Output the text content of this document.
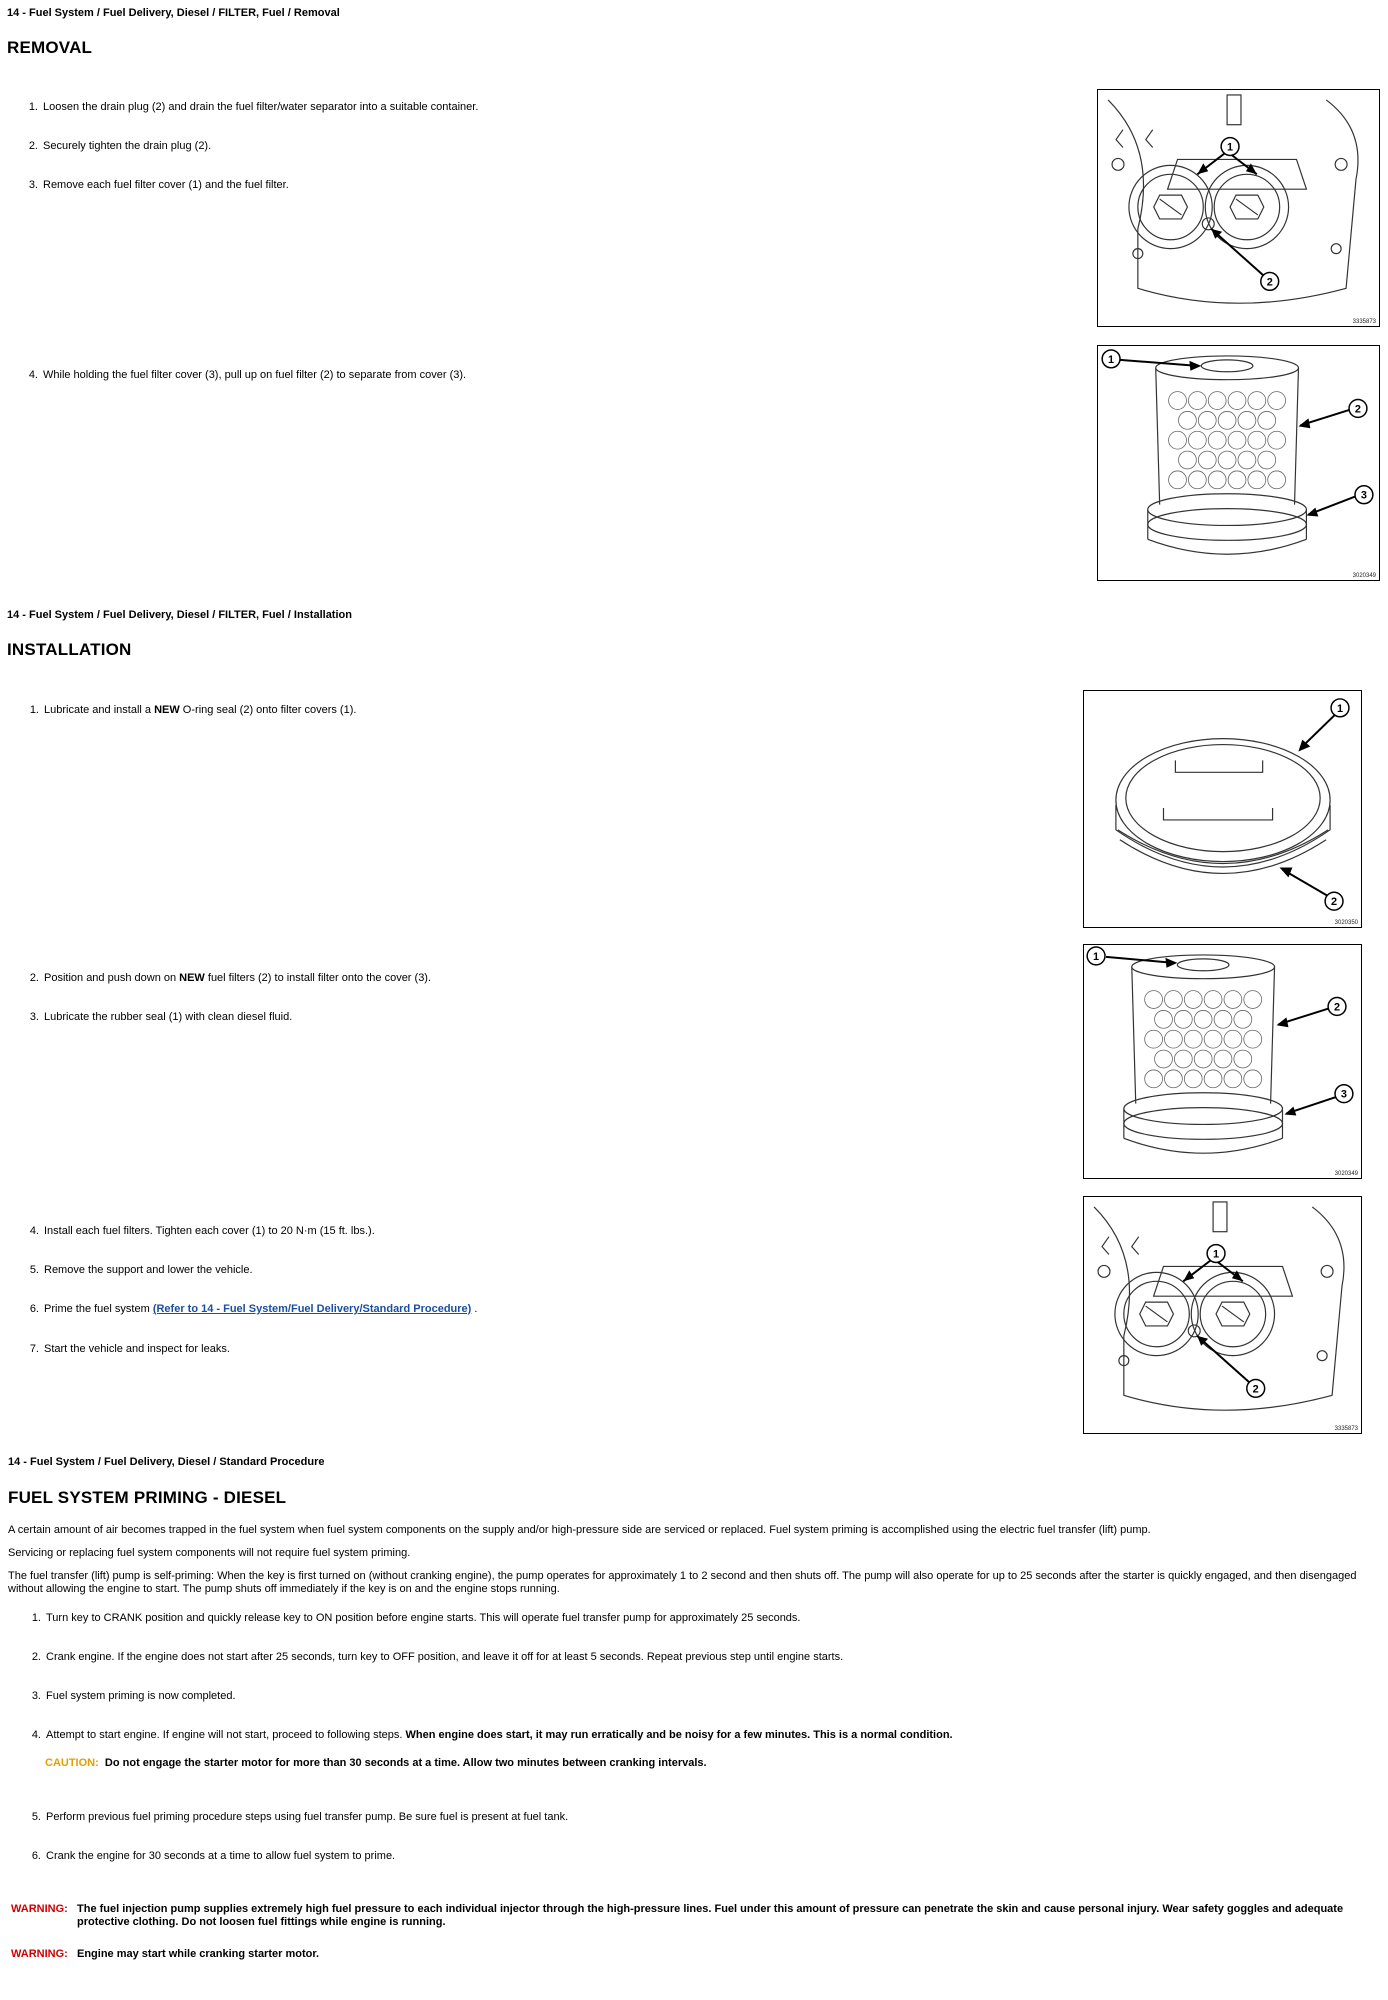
14 - Fuel System / Fuel Delivery, Diesel / FILTER, Fuel / Removal
REMOVAL
1. Loosen the drain plug (2) and drain the fuel filter/water separator into a suitable container.
2. Securely tighten the drain plug (2).
3. Remove each fuel filter cover (1) and the fuel filter.
4. While holding the fuel filter cover (3), pull up on fuel filter (2) to separate from cover (3).
1
2
3335873
1
2
3
3020349
14 - Fuel System / Fuel Delivery, Diesel / FILTER, Fuel / Installation
INSTALLATION
1. Lubricate and install a NEW O-ring seal (2) onto filter covers (1).
2. Position and push down on NEW fuel filters (2) to install filter onto the cover (3).
3. Lubricate the rubber seal (1) with clean diesel fluid.
4. Install each fuel filters. Tighten each cover (1) to 20 N·m (15 ft. lbs.).
5. Remove the support and lower the vehicle.
6. Prime the fuel system (Refer to 14 - Fuel System/Fuel Delivery/Standard Procedure) .
7. Start the vehicle and inspect for leaks.
1
2
3020350
1
2
3
3020349
1
2
3335873
14 - Fuel System / Fuel Delivery, Diesel / Standard Procedure
FUEL SYSTEM PRIMING - DIESEL
A certain amount of air becomes trapped in the fuel system when fuel system components on the supply and/or high-pressure side are serviced or replaced. Fuel system priming is accomplished using the electric fuel transfer (lift) pump.
Servicing or replacing fuel system components will not require fuel system priming.
The fuel transfer (lift) pump is self-priming: When the key is first turned on (without cranking engine), the pump operates for approximately 1 to 2 second and then shuts off. The pump will also operate for up to 25 seconds after the starter is quickly engaged, and then disengaged without allowing the engine to start. The pump shuts off immediately if the key is on and the engine stops running.
1. Turn key to CRANK position and quickly release key to ON position before engine starts. This will operate fuel transfer pump for approximately 25 seconds.
2. Crank engine. If the engine does not start after 25 seconds, turn key to OFF position, and leave it off for at least 5 seconds. Repeat previous step until engine starts.
3. Fuel system priming is now completed.
4. Attempt to start engine. If engine will not start, proceed to following steps. When engine does start, it may run erratically and be noisy for a few minutes. This is a normal condition.
CAUTION: Do not engage the starter motor for more than 30 seconds at a time. Allow two minutes between cranking intervals.
5. Perform previous fuel priming procedure steps using fuel transfer pump. Be sure fuel is present at fuel tank.
6. Crank the engine for 30 seconds at a time to allow fuel system to prime.
WARNING: The fuel injection pump supplies extremely high fuel pressure to each individual injector through the high-pressure lines. Fuel under this amount of pressure can penetrate the skin and cause personal injury. Wear safety goggles and adequate protective clothing. Do not loosen fuel fittings while engine is running.
WARNING: Engine may start while cranking starter motor.
